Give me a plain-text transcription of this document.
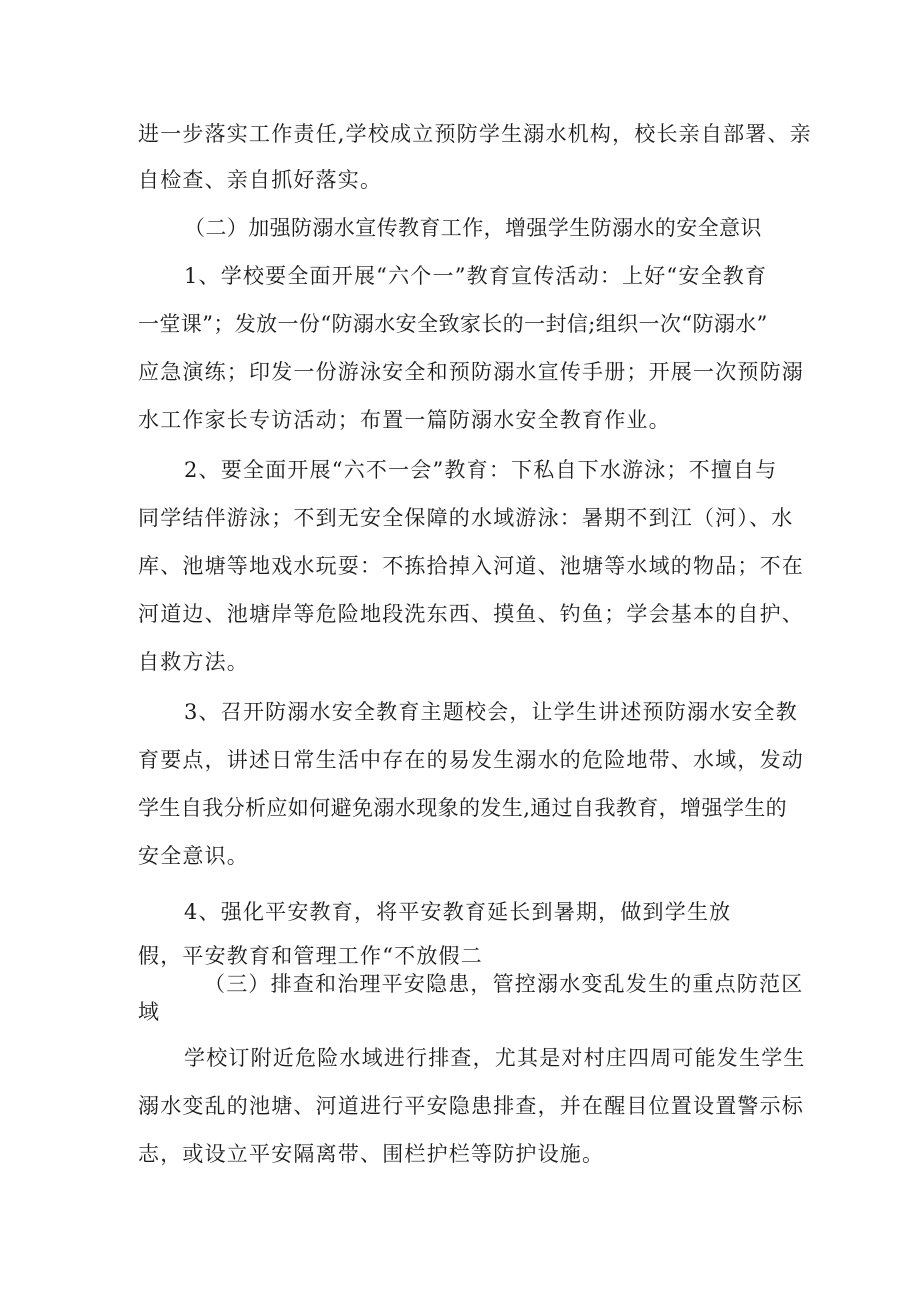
进一步落实工作责任,学校成立预防学生溺水机构，校长亲自部署、亲
自检查、亲自抓好落实。
（二）加强防溺水宣传教育工作，增强学生防溺水的安全意识
1、学校要全面开展“六个一”教育宣传活动：上好“安全教育
一堂课”；发放一份“防溺水安全致家长的一封信;组织一次“防溺水”
应急演练；印发一份游泳安全和预防溺水宣传手册；开展一次预防溺
水工作家长专访活动；布置一篇防溺水安全教育作业。
2、要全面开展“六不一会”教育：下私自下水游泳；不擅自与
同学结伴游泳；不到无安全保障的水域游泳：暑期不到江（河）、水
库、池塘等地戏水玩耍：不拣拾掉入河道、池塘等水域的物品；不在
河道边、池塘岸等危险地段洗东西、摸鱼、钓鱼；学会基本的自护、
自救方法。
3、召开防溺水安全教育主题校会，让学生讲述预防溺水安全教
育要点，讲述日常生活中存在的易发生溺水的危险地带、水域，发动
学生自我分析应如何避免溺水现象的发生,通过自我教育，增强学生的
安全意识。
4、强化平安教育，将平安教育延长到暑期，做到学生放
假，平安教育和管理工作“不放假二
（三）排查和治理平安隐患，管控溺水变乱发生的重点防范区
域
学校订附近危险水域进行排查，尤其是对村庄四周可能发生学生
溺水变乱的池塘、河道进行平安隐患排查，并在醒目位置设置警示标
志，或设立平安隔离带、围栏护栏等防护设施。
